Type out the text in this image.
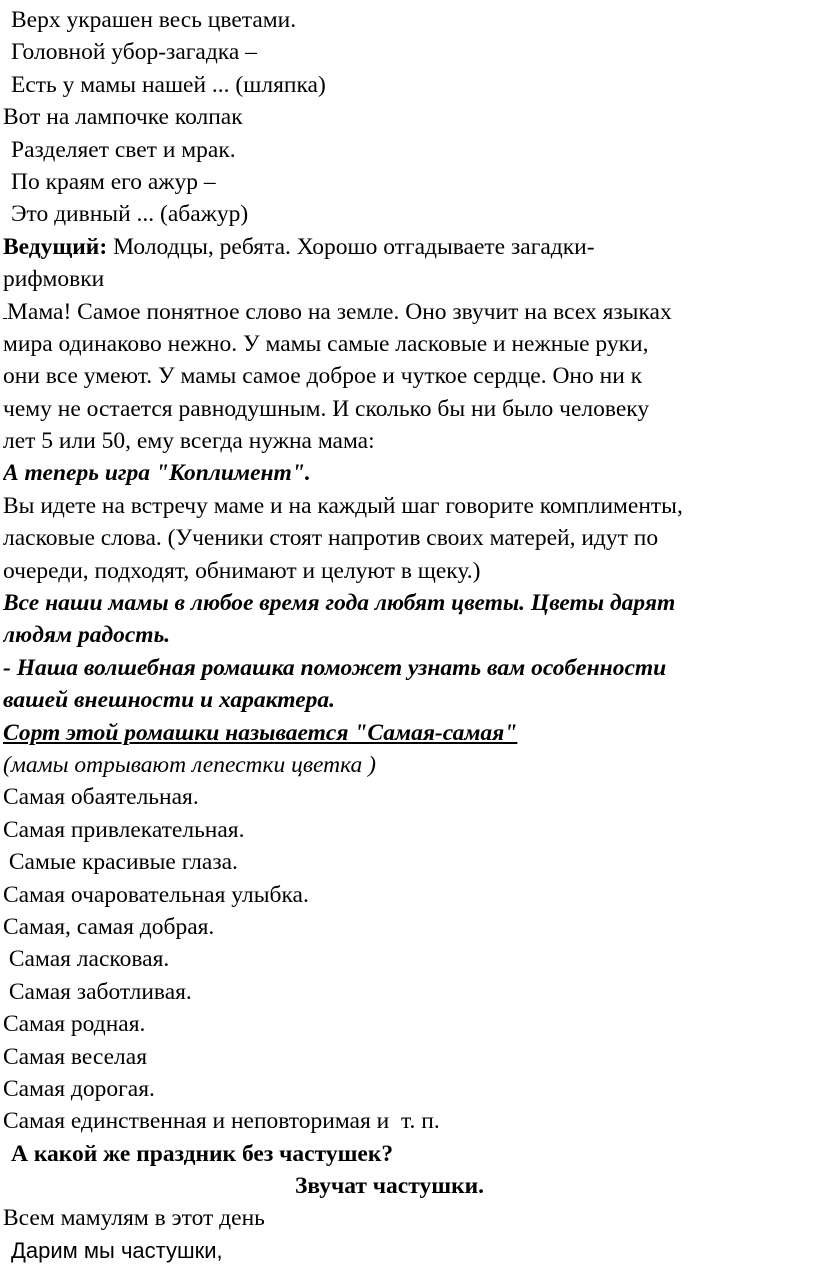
Верх украшен весь цветами.
Головной убор-загадка –
Есть у мамы нашей ... (шляпка)
Вот на лампочке колпак
Разделяет свет и мрак.
По краям его ажур –
Это дивный ... (абажур)
Ведущий: Молодцы, ребята. Хорошо отгадываете загадки-
рифмовки
Мама! Самое понятное слово на земле. Оно звучит на всех языках
мира одинаково нежно. У мамы самые ласковые и нежные руки,
они все умеют. У мамы самое доброе и чуткое сердце. Оно ни к
чему не остается равнодушным. И сколько бы ни было человеку
лет 5 или 50, ему всегда нужна мама:
А теперь игра "Коплимент".
Вы идете на встречу маме и на каждый шаг говорите комплименты,
ласковые слова. (Ученики стоят напротив своих матерей, идут по
очереди, подходят, обнимают и целуют в щеку.)
Все наши мамы в любое время года любят цветы. Цветы дарят
людям радость.
- Наша волшебная ромашка поможет узнать вам особенности
вашей внешности и характера.
Сорт этой ромашки называется "Самая-самая"
(мамы отрывают лепестки цветка )
Самая обаятельная.
Самая привлекательная.
Самые красивые глаза.
Самая очаровательная улыбка.
Самая, самая добрая.
Самая ласковая.
Самая заботливая.
Самая родная.
Самая веселая
Самая дорогая.
Самая единственная и неповторимая и  т. п.
А какой же праздник без частушек?
Звучат частушки.
Всем мамулям в этот день
Дарим мы частушки,
